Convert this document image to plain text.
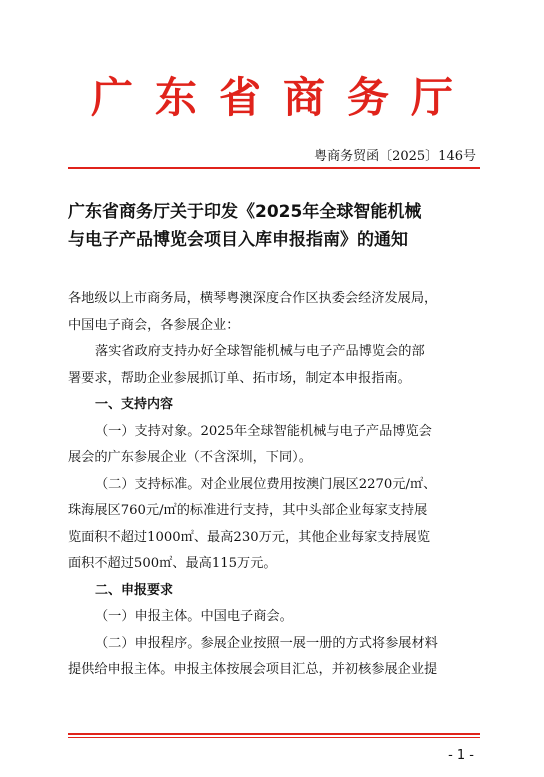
广东省商务厅
粤商务贸函〔2025〕146号
广东省商务厅关于印发《2025年全球智能机械
与电子产品博览会项目入库申报指南》的通知

各地级以上市商务局，横琴粤澳深度合作区执委会经济发展局，

中国电子商会，各参展企业：

落实省政府支持办好全球智能机械与电子产品博览会的部

署要求，帮助企业参展抓订单、拓市场，制定本申报指南。

一、支持内容

（一）支持对象。2025年全球智能机械与电子产品博览会

展会的广东参展企业（不含深圳，下同）。

（二）支持标准。对企业展位费用按澳门展区2270元/㎡、

珠海展区760元/㎡的标准进行支持，其中头部企业每家支持展

览面积不超过1000㎡、最高230万元，其他企业每家支持展览

面积不超过500㎡、最高115万元。

二、申报要求

（一）申报主体。中国电子商会。

（二）申报程序。参展企业按照一展一册的方式将参展材料

提供给申报主体。申报主体按展会项目汇总，并初核参展企业提

- 1 -
